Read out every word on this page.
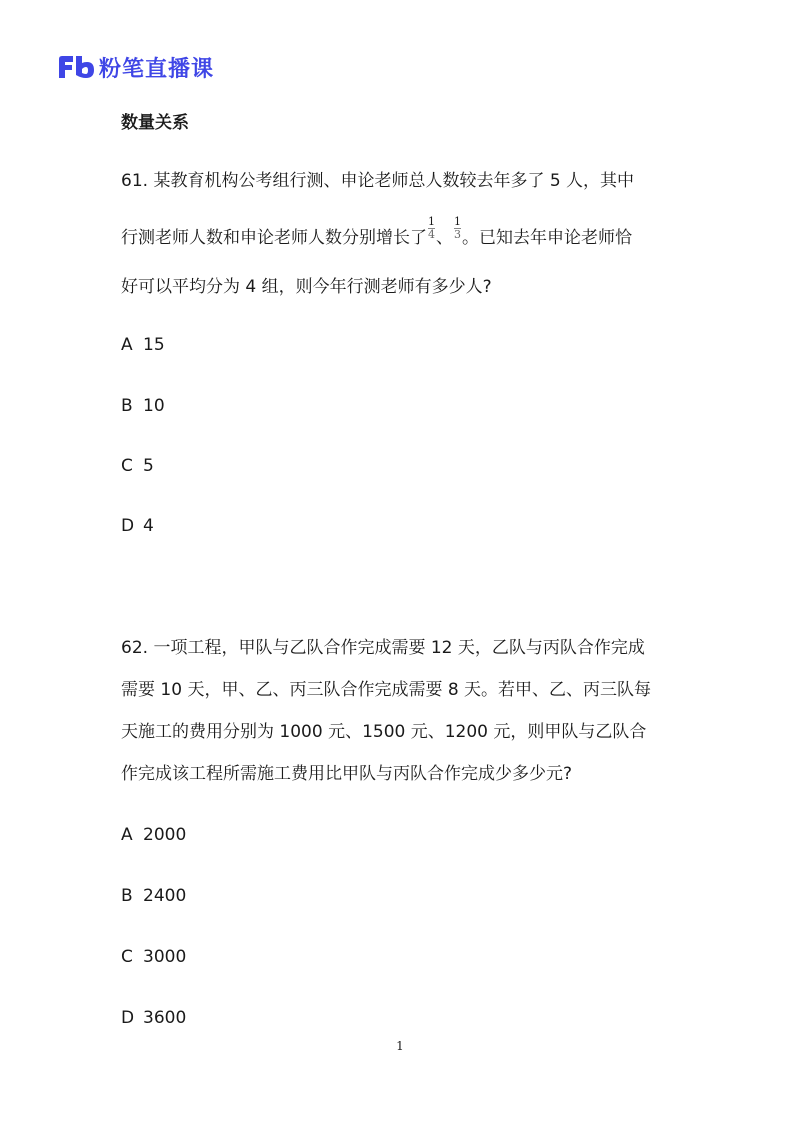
粉笔直播课
数量关系
61. 某教育机构公考组行测、申论老师总人数较去年多了 5 人，其中
行测老师人数和申论老师人数分别增长了 $\frac{1}{4}$ 、 $\frac{1}{3}$ 。已知去年申论老师恰
好可以平均分为 4 组，则今年行测老师有多少人?
A 15
B 10
C 5
D 4
62. 一项工程，甲队与乙队合作完成需要 12 天，乙队与丙队合作完成
需要 10 天，甲、乙、丙三队合作完成需要 8 天。若甲、乙、丙三队每
天施工的费用分别为 1000 元、1500 元、1200 元，则甲队与乙队合
作完成该工程所需施工费用比甲队与丙队合作完成少多少元?
A 2000
B 2400
C 3000
D 3600
1
